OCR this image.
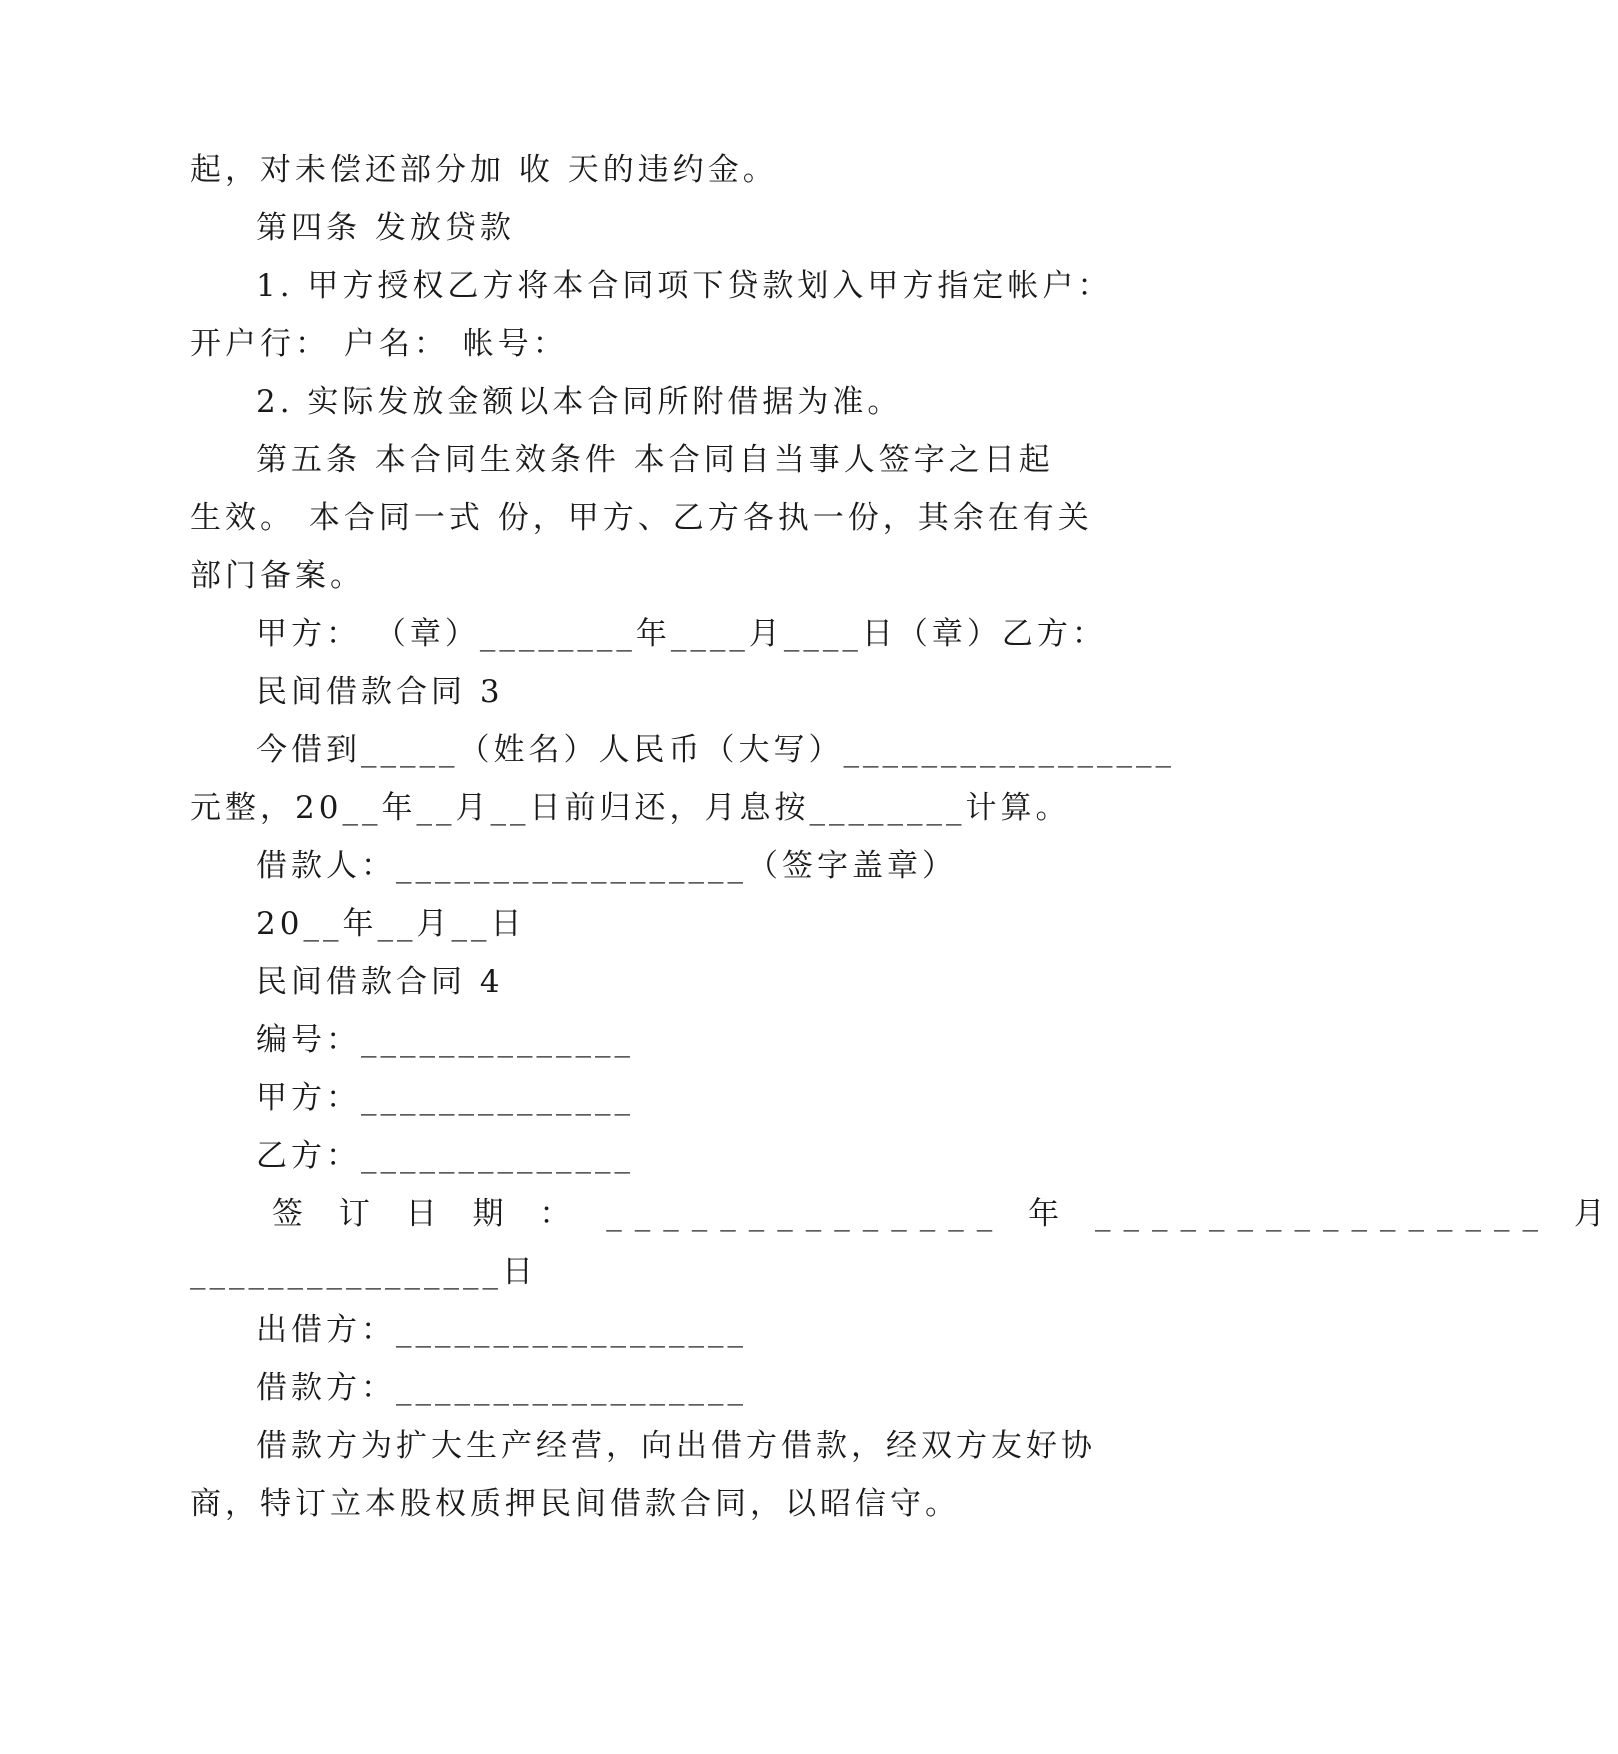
起，对未偿还部分加 收 天的违约金。

第四条 发放贷款

1. 甲方授权乙方将本合同项下贷款划入甲方指定帐户：

开户行： 户名： 帐号：

2. 实际发放金额以本合同所附借据为准。

第五条 本合同生效条件 本合同自当事人签字之日起

生效。 本合同一式 份，甲方、乙方各执一份，其余在有关

部门备案。

甲方： （章）________年____月____日（章）乙方：

民间借款合同 3

今借到_____（姓名）人民币（大写）_________________

元整，20__年__月__日前归还，月息按________计算。

借款人：__________________（签字盖章）

20__年__月__日

民间借款合同 4

编号：______________

甲方：______________

乙方：______________

签 订 日 期 ： ______________ 年 ________________ 月

________________日

出借方：__________________

借款方：__________________

借款方为扩大生产经营，向出借方借款，经双方友好协

商，特订立本股权质押民间借款合同，以昭信守。
